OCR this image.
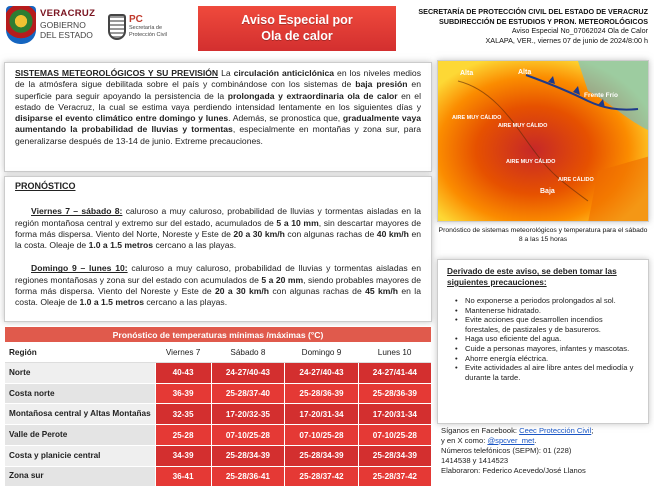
VERACRUZ
GOBIERNO
DEL ESTADO
PC
Secretaría de
Protección Civil
Aviso Especial por
Ola de calor
SECRETARÍA DE PROTECCIÓN CIVIL DEL ESTADO DE VERACRUZ
SUBDIRECCIÓN DE ESTUDIOS Y PRON. METEOROLÓGICOS
Aviso Especial No_07062024 Ola de Calor
XALAPA, VER., viernes 07 de junio de 2024/8:00 h
SISTEMAS METEOROLÓGICOS Y SU PREVISIÓN La circulación anticiclónica en los niveles medios de la atmósfera sigue debilitada sobre el país y combinándose con los sistemas de baja presión en superficie para seguir apoyando la persistencia de la prolongada y extraordinaria ola de calor en el estado de Veracruz, la cual se estima vaya perdiendo intensidad lentamente en los siguientes días y disiparse el evento climático entre domingo y lunes. Además, se pronostica que, gradualmente vaya aumentando la probabilidad de lluvias y tormentas, especialmente en montañas y zona sur, para generalizarse después de 13-14 de junio. Extreme precauciones.
PRONÓSTICO

Viernes 7 – sábado 8: caluroso a muy caluroso, probabilidad de lluvias y tormentas aisladas en la región montañosa central y extremo sur del estado, acumulados de 5 a 10 mm, sin descartar mayores de forma más dispersa. Viento del Norte, Noreste y Este de 20 a 30 km/h con algunas rachas de 40 km/h en la costa. Oleaje de 1.0 a 1.5 metros cercano a las playas.

Domingo 9 – lunes 10: caluroso a muy caluroso, probabilidad de lluvias y tormentas aisladas en regiones montañosas y zona sur del estado con acumulados de 5 a 20 mm, siendo probables mayores de forma más dispersa. Viento del Noreste y Este de 20 a 30 km/h con algunas rachas de 45 km/h en la costa. Oleaje de 1.0 a 1.5 metros cercano a las playas.

Alta	Alta
Frente Frío
AIRE MUY CÁLIDO
AIRE MUY CÁLIDO
AIRE MUY CÁLIDO
AIRE CÁLIDO
Baja
Pronóstico de sistemas meteorológicos y temperatura para el sábado 8 a las 15 horas
Derivado de este aviso, se deben tomar las siguientes precauciones:
• No exponerse a periodos prolongados al sol.
• Mantenerse hidratado.
• Evite acciones que desarrollen incendios forestales, de pastizales y de basureros.
• Haga uso eficiente del agua.
• Cuide a personas mayores, infantes y mascotas.
• Ahorre energía eléctrica.
• Evite actividades al aire libre antes del mediodía y durante la tarde.
Síganos en Facebook: Ceec Protección Civil;
y en X como: @spcver_met.
Números telefónicos (SEPM): 01 (228)
1414538 y 1414523
Elaboraron: Federico Acevedo/José Llanos
Pronóstico de temperaturas mínimas /máximas (°C)				
Región	Viernes 7	Sábado 8	Domingo 9	Lunes 10
Norte	40-43	24-27/40-43	24-27/40-43	24-27/41-44
Costa norte	36-39	25-28/37-40	25-28/36-39	25-28/36-39
Montañosa central y Altas Montañas	32-35	17-20/32-35	17-20/31-34	17-20/31-34
Valle de Perote	25-28	07-10/25-28	07-10/25-28	07-10/25-28
Costa y planicie central	34-39	25-28/34-39	25-28/34-39	25-28/34-39
Zona sur	36-41	25-28/36-41	25-28/37-42	25-28/37-42
